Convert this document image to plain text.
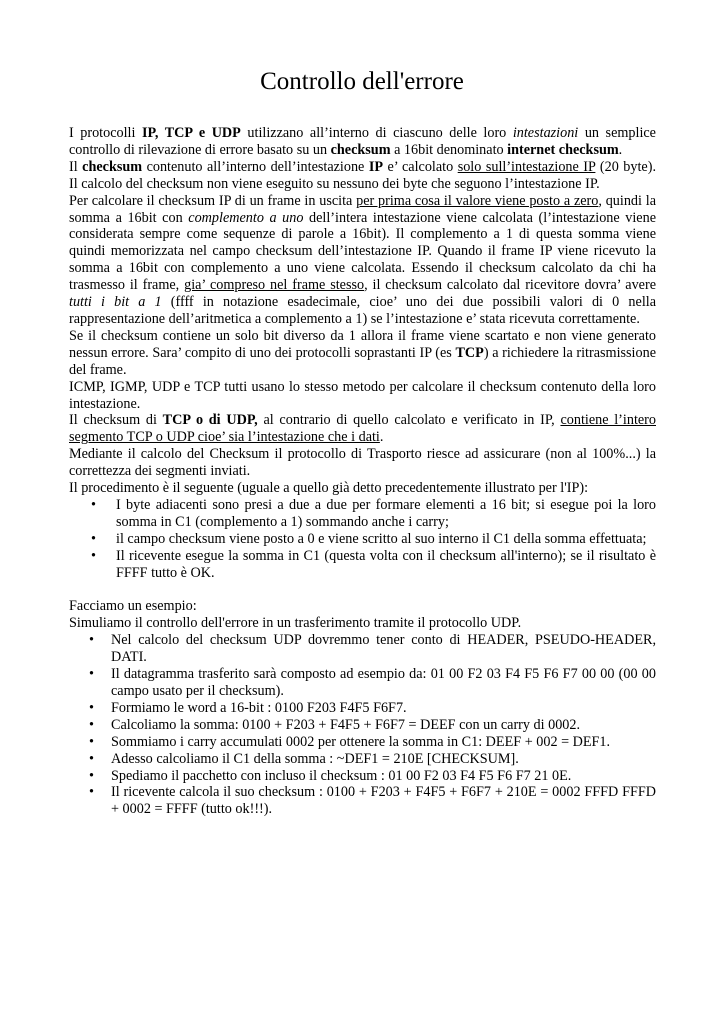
Controllo dell'errore

I protocolli IP, TCP e UDP utilizzano all’interno di ciascuno delle loro intestazioni un semplice controllo di rilevazione di errore basato su un checksum a 16bit denominato internet checksum.

Il checksum contenuto all’interno dell’intestazione IP e’ calcolato solo sull’intestazione IP (20 byte). Il calcolo del checksum non viene eseguito su nessuno dei byte che seguono l’intestazione IP.

Per calcolare il checksum IP di un frame in uscita per prima cosa il valore viene posto a zero, quindi la somma a 16bit con complemento a uno dell’intera intestazione viene calcolata (l’intestazione viene considerata sempre come sequenze di parole a 16bit). Il complemento a 1 di questa somma viene quindi memorizzata nel campo checksum dell’intestazione IP. Quando il frame IP viene ricevuto la somma a 16bit con complemento a uno viene calcolata. Essendo il checksum calcolato da chi ha trasmesso il frame, gia’ compreso nel frame stesso, il checksum calcolato dal ricevitore dovra’ avere tutti i bit a 1 (ffff in notazione esadecimale, cioe’ uno dei due possibili valori di 0 nella rappresentazione dell’aritmetica a complemento a 1) se l’intestazione e’ stata ricevuta correttamente.

Se il checksum contiene un solo bit diverso da 1 allora il frame viene scartato e non viene generato nessun errore. Sara’ compito di uno dei protocolli soprastanti IP (es TCP) a richiedere la ritrasmissione del frame.

ICMP, IGMP, UDP e TCP tutti usano lo stesso metodo per calcolare il checksum contenuto della loro intestazione.

Il checksum di TCP o di UDP, al contrario di quello calcolato e verificato in IP, contiene l’intero segmento TCP o UDP cioe’ sia l’intestazione che i dati.

Mediante il calcolo del Checksum il protocollo di Trasporto riesce ad assicurare (non al 100%...) la correttezza dei segmenti inviati.

Il procedimento è il seguente (uguale a quello già detto precedentemente illustrato per l'IP):

• I byte adiacenti sono presi a due a due per formare elementi a 16 bit; si esegue poi la loro somma in C1 (complemento a 1) sommando anche i carry;
• il campo checksum viene posto a 0 e viene scritto al suo interno il C1 della somma effettuata;
• Il ricevente esegue la somma in C1 (questa volta con il checksum all'interno); se il risultato è FFFF tutto è OK.

Facciamo un esempio:

Simuliamo il controllo dell'errore in un trasferimento tramite il protocollo UDP.

• Nel calcolo del checksum UDP dovremmo tener conto di HEADER, PSEUDO-HEADER, DATI.
• Il datagramma trasferito sarà composto ad esempio da: 01 00 F2 03 F4 F5 F6 F7 00 00 (00 00 campo usato per il checksum).
• Formiamo le word a 16-bit : 0100 F203 F4F5 F6F7.
• Calcoliamo la somma: 0100 + F203 + F4F5 + F6F7 = DEEF con un carry di 0002.
• Sommiamo i carry accumulati 0002 per ottenere la somma in C1: DEEF + 002 = DEF1.
• Adesso calcoliamo il C1 della somma : ~DEF1 = 210E [CHECKSUM].
• Spediamo il pacchetto con incluso il checksum : 01 00 F2 03 F4 F5 F6 F7 21 0E.
• Il ricevente calcola il suo checksum : 0100 + F203 + F4F5 + F6F7 + 210E = 0002 FFFD FFFD + 0002 = FFFF (tutto ok!!!).
